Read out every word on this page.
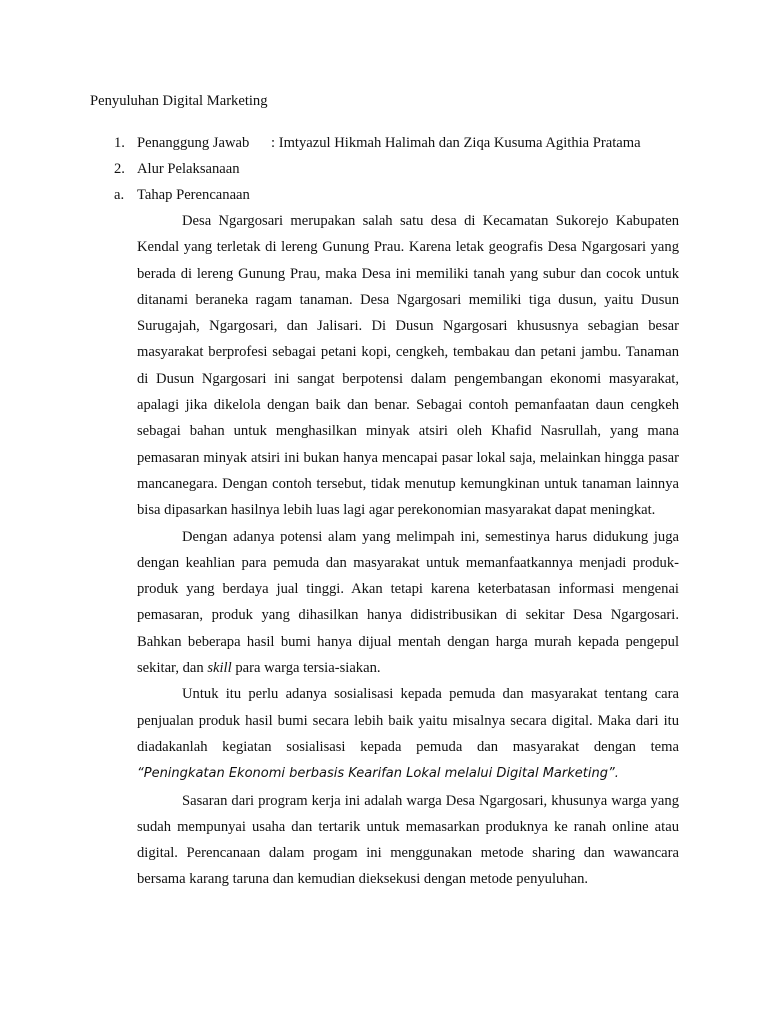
Penyuluhan Digital Marketing
1. Penanggung Jawab : Imtyazul Hikmah Halimah dan Ziqa Kusuma Agithia Pratama
2. Alur Pelaksanaan
a. Tahap Perencanaan

Desa Ngargosari merupakan salah satu desa di Kecamatan Sukorejo Kabupaten Kendal yang terletak di lereng Gunung Prau. Karena letak geografis Desa Ngargosari yang berada di lereng Gunung Prau, maka Desa ini memiliki tanah yang subur dan cocok untuk ditanami beraneka ragam tanaman. Desa Ngargosari memiliki tiga dusun, yaitu Dusun Surugajah, Ngargosari, dan Jalisari. Di Dusun Ngargosari khususnya sebagian besar masyarakat berprofesi sebagai petani kopi, cengkeh, tembakau dan petani jambu. Tanaman di Dusun Ngargosari ini sangat berpotensi dalam pengembangan ekonomi masyarakat, apalagi jika dikelola dengan baik dan benar. Sebagai contoh pemanfaatan daun cengkeh sebagai bahan untuk menghasilkan minyak atsiri oleh Khafid Nasrullah, yang mana pemasaran minyak atsiri ini bukan hanya mencapai pasar lokal saja, melainkan hingga pasar mancanegara. Dengan contoh tersebut, tidak menutup kemungkinan untuk tanaman lainnya bisa dipasarkan hasilnya lebih luas lagi agar perekonomian masyarakat dapat meningkat.

Dengan adanya potensi alam yang melimpah ini, semestinya harus didukung juga dengan keahlian para pemuda dan masyarakat untuk memanfaatkannya menjadi produk-produk yang berdaya jual tinggi. Akan tetapi karena keterbatasan informasi mengenai pemasaran, produk yang dihasilkan hanya didistribusikan di sekitar Desa Ngargosari. Bahkan beberapa hasil bumi hanya dijual mentah dengan harga murah kepada pengepul sekitar, dan skill para warga tersia-siakan.

Untuk itu perlu adanya sosialisasi kepada pemuda dan masyarakat tentang cara penjualan produk hasil bumi secara lebih baik yaitu misalnya secara digital. Maka dari itu diadakanlah kegiatan sosialisasi kepada pemuda dan masyarakat dengan tema “Peningkatan Ekonomi berbasis Kearifan Lokal melalui Digital Marketing”.

Sasaran dari program kerja ini adalah warga Desa Ngargosari, khusunya warga yang sudah mempunyai usaha dan tertarik untuk memasarkan produknya ke ranah online atau digital. Perencanaan dalam progam ini menggunakan metode sharing dan wawancara bersama karang taruna dan kemudian dieksekusi dengan metode penyuluhan.
